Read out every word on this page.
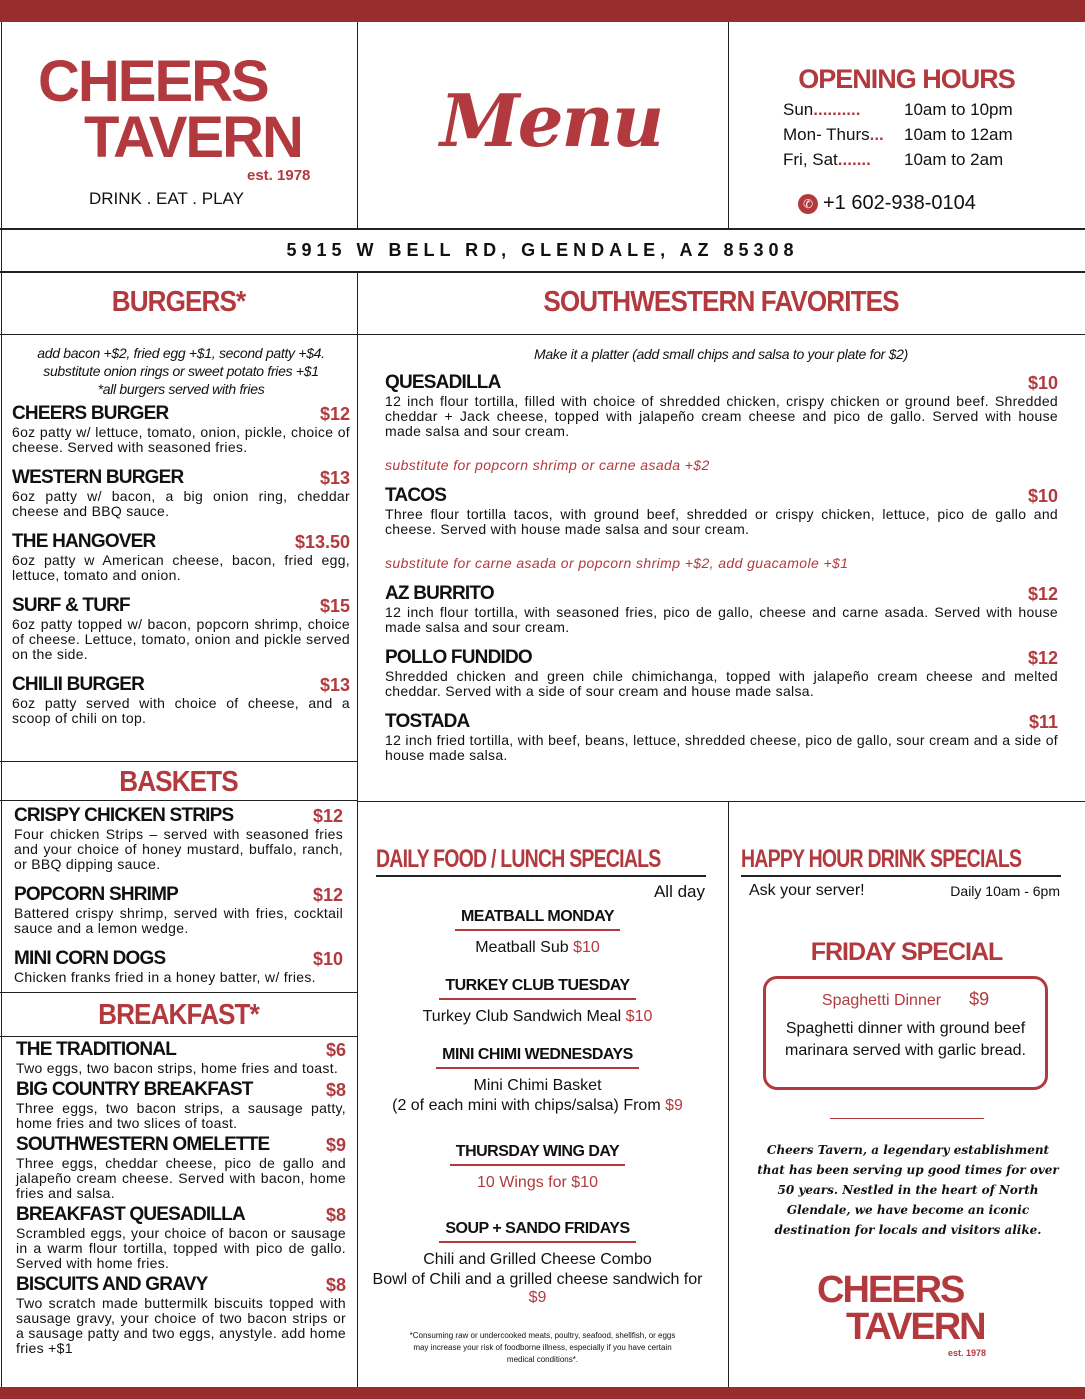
CHEERS
TAVERN
est. 1978
DRINK . EAT . PLAY
Menu	OPENING HOURS
Sun..........	10am to 10pm
Mon- Thurs... 10am to 12am
Fri, Sat....... 10am to 2am
✆ +1 602-938-0104
5915 W BELL RD, GLENDALE, AZ 85308
BURGERS*	SOUTHWESTERN FAVORITES
BASKETS
BREAKFAST*
add bacon +$2, fried egg +$1, second patty +$4.
substitute onion rings or sweet potato fries +$1
*all burgers served with fries
CHEERS BURGER	$12
6oz patty w/ lettuce, tomato, onion, pickle, choice of cheese. Served with seasoned fries.
WESTERN BURGER	$13
6oz patty w/ bacon, a big onion ring, cheddar cheese and BBQ sauce.
THE HANGOVER	$13.50
6oz patty w American cheese, bacon, fried egg, lettuce, tomato and onion.
SURF & TURF	$15
6oz patty topped w/ bacon, popcorn shrimp, choice of cheese. Lettuce, tomato, onion and pickle served on the side.
CHILII BURGER	$13
6oz patty served with choice of cheese, and a scoop of chili on top.
CRISPY CHICKEN STRIPS	$12
Four chicken Strips – served with seasoned fries and your choice of honey mustard, buffalo, ranch, or BBQ dipping sauce.
POPCORN SHRIMP	$12
Battered crispy shrimp, served with fries, cocktail sauce and a lemon wedge.
MINI CORN DOGS	$10
Chicken franks fried in a honey batter, w/ fries.
THE TRADITIONAL	$6
Two eggs, two bacon strips, home fries and toast.
BIG COUNTRY BREAKFAST	$8
Three eggs, two bacon strips, a sausage patty, home fries and two slices of toast.
SOUTHWESTERN OMELETTE	$9
Three eggs, cheddar cheese, pico de gallo and jalapeño cream cheese. Served with bacon, home fries and salsa.
BREAKFAST QUESADILLA	$8
Scrambled eggs, your choice of bacon or sausage in a warm flour tortilla, topped with pico de gallo. Served with home fries.
BISCUITS AND GRAVY	$8
Two scratch made buttermilk biscuits topped with sausage gravy, your choice of two bacon strips or a sausage patty and two eggs, anystyle. add home fries +$1
Make it a platter (add small chips and salsa to your plate for $2)
QUESADILLA	$10
12 inch flour tortilla, filled with choice of shredded chicken, crispy chicken or ground beef. Shredded cheddar + Jack cheese, topped with jalapeño cream cheese and pico de gallo. Served with house made salsa and sour cream.
substitute for popcorn shrimp or carne asada +$2
TACOS	$10
Three flour tortilla tacos, with ground beef, shredded or crispy chicken, lettuce, pico de gallo and cheese. Served with house made salsa and sour cream.
substitute for carne asada or popcorn shrimp +$2, add guacamole +$1
AZ BURRITO	$12
12 inch flour tortilla, with seasoned fries, pico de gallo, cheese and carne asada. Served with house made salsa and sour cream.
POLLO FUNDIDO	$12
Shredded chicken and green chile chimichanga, topped with jalapeño cream cheese and melted cheddar. Served with a side of sour cream and house made salsa.
TOSTADA	$11
12 inch fried tortilla, with beef, beans, lettuce, shredded cheese, pico de gallo, sour cream and a side of house made salsa.
DAILY FOOD / LUNCH SPECIALS
All day
MEATBALL MONDAY
Meatball Sub $10
TURKEY CLUB TUESDAY
Turkey Club Sandwich Meal $10
MINI CHIMI WEDNESDAYS
Mini Chimi Basket
(2 of each mini with chips/salsa) From $9
THURSDAY WING DAY
10 Wings for $10
SOUP + SANDO FRIDAYS
Chili and Grilled Cheese Combo
Bowl of Chili and a grilled cheese sandwich for $9
*Consuming raw or undercooked meats, poultry, seafood, shellfish, or eggs may increase your risk of foodborne illness, especially if you have certain medical conditions*.
HAPPY HOUR DRINK SPECIALS
Ask your server!	Daily 10am - 6pm
FRIDAY SPECIAL
Spaghetti Dinner $9
Spaghetti dinner with ground beef marinara served with garlic bread.
Cheers Tavern, a legendary establishment that has been serving up good times for over 50 years. Nestled in the heart of North Glendale, we have become an iconic destination for locals and visitors alike.
CHEERS
TAVERN
est. 1978
